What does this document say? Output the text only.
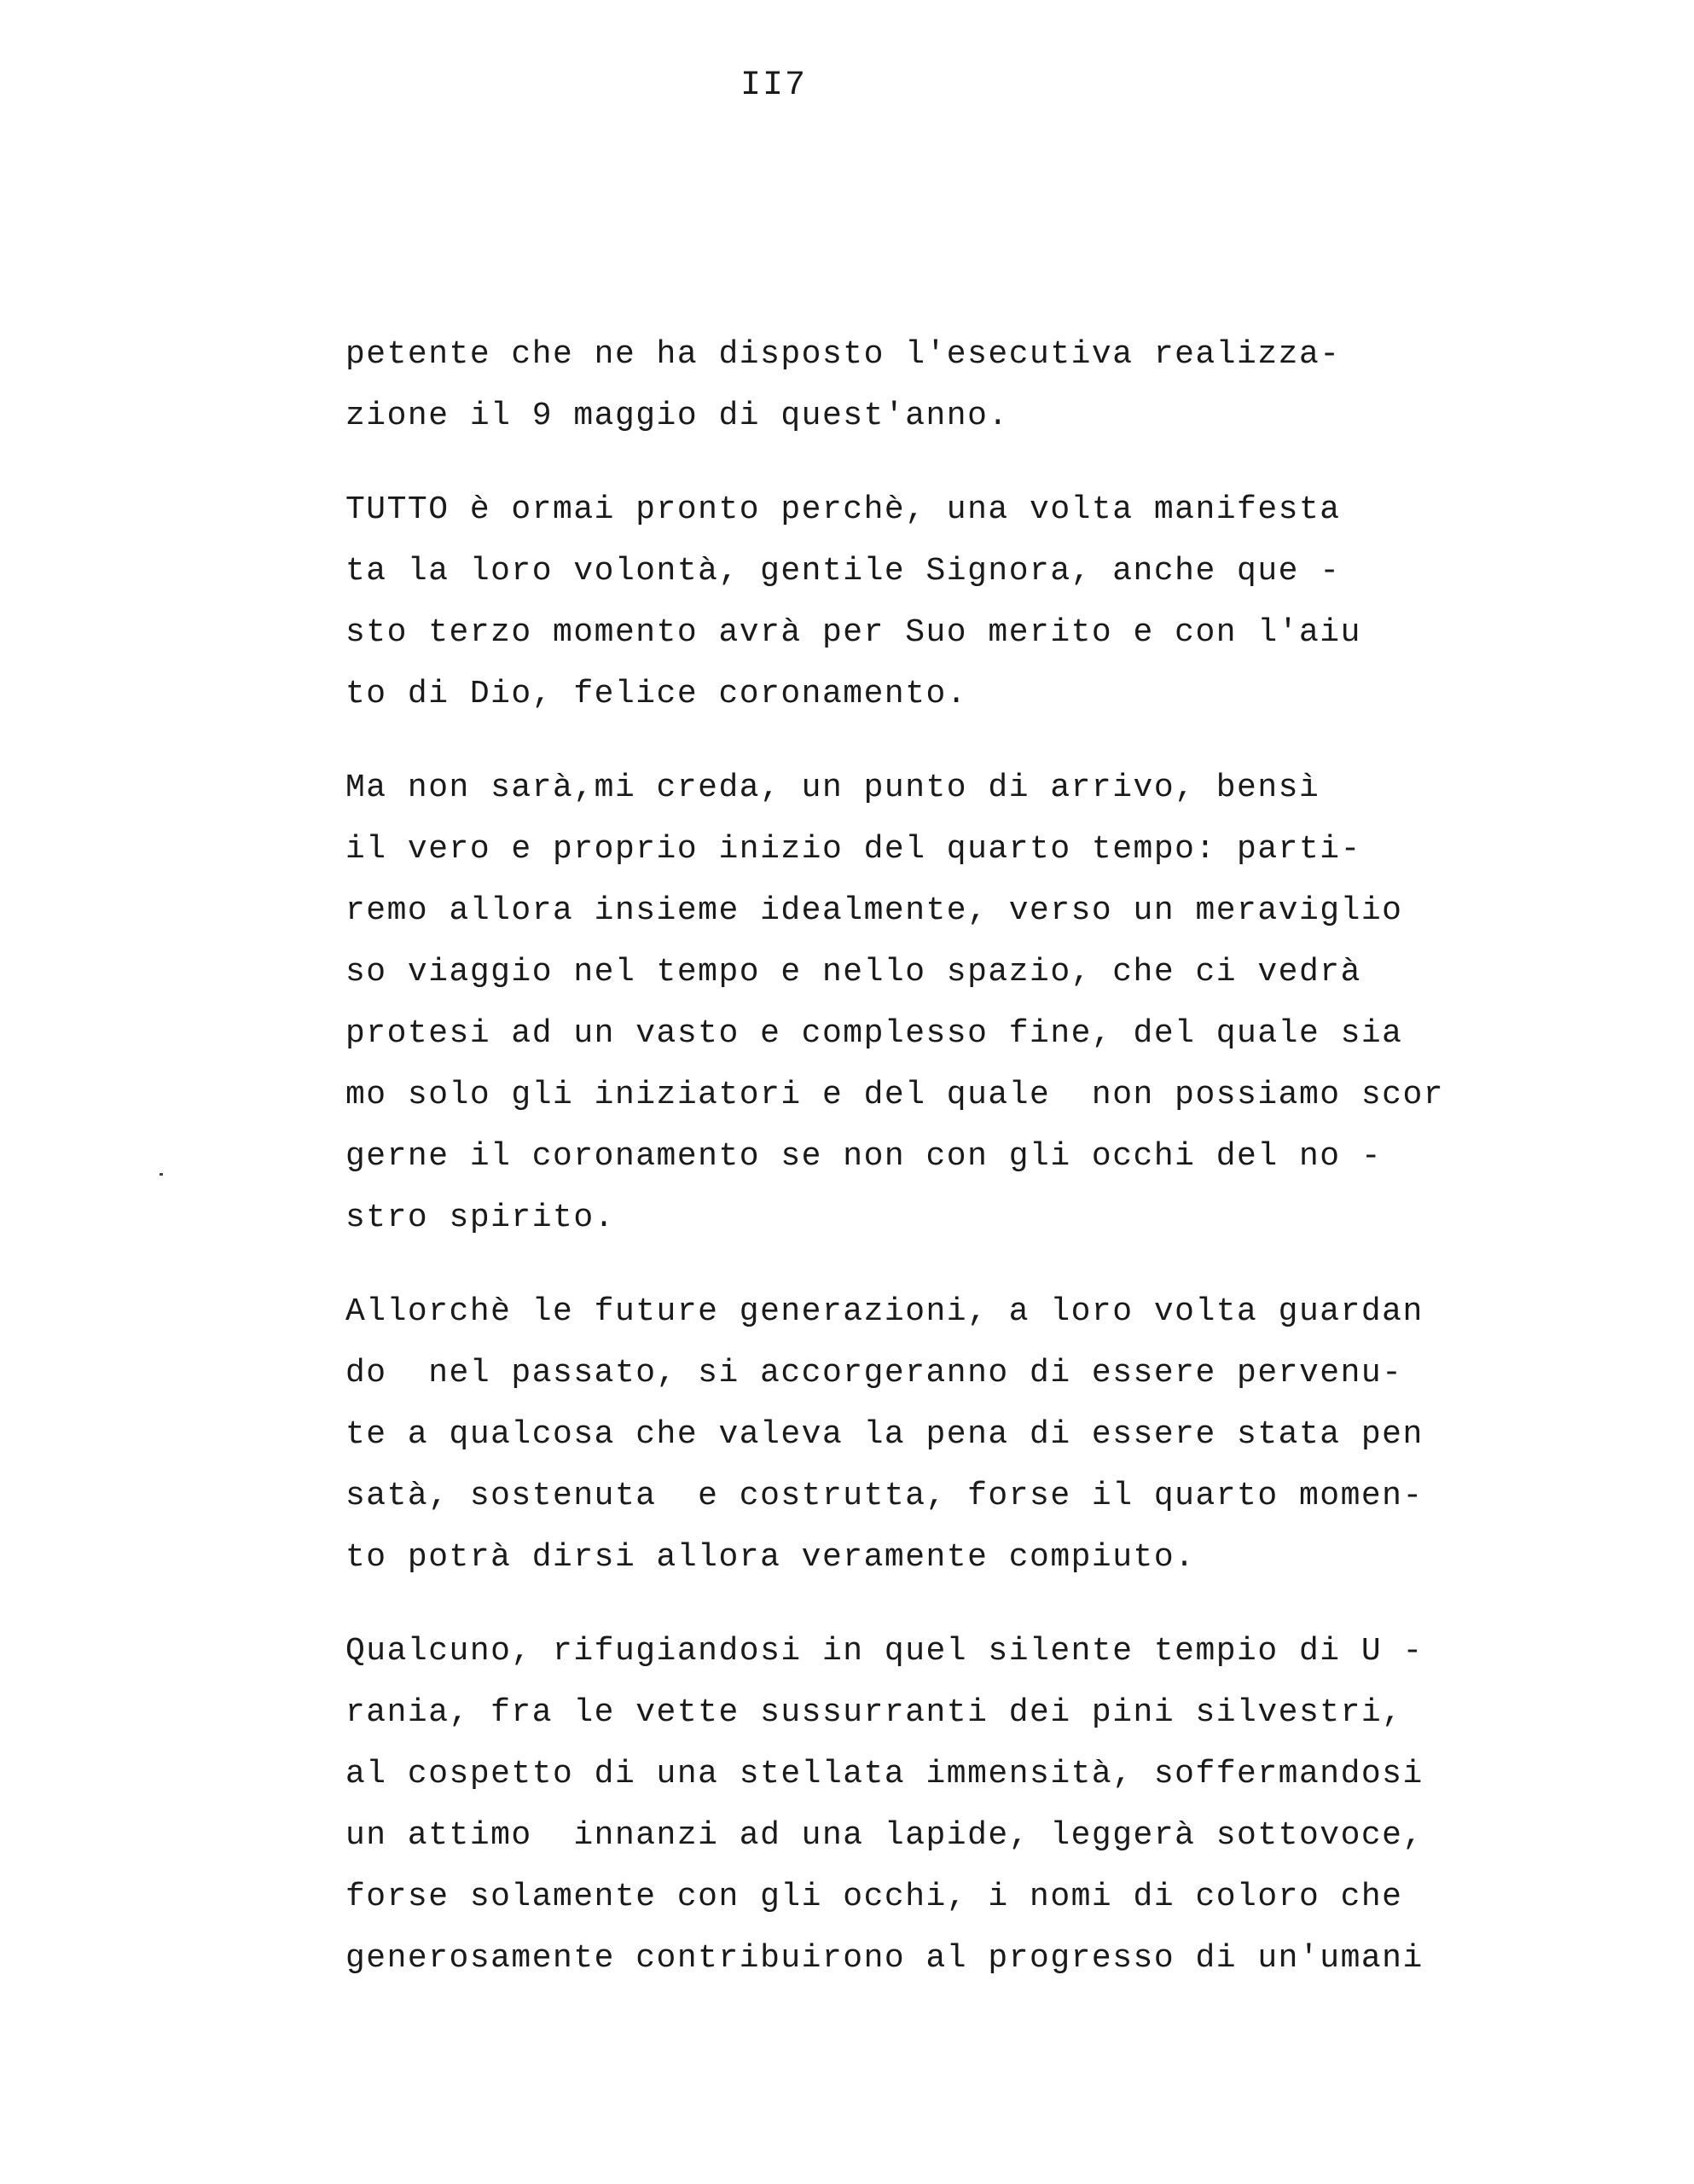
II7
petente che ne ha disposto l'esecutiva realizza-
zione il 9 maggio di quest'anno.
TUTTO è ormai pronto perchè, una volta manifesta
ta la loro volontà, gentile Signora, anche que -
sto terzo momento avrà per Suo merito e con l'aiu
to di Dio, felice coronamento.
Ma non sarà,mi creda, un punto di arrivo, bensì
il vero e proprio inizio del quarto tempo: parti-
remo allora insieme idealmente, verso un meraviglio
so viaggio nel tempo e nello spazio, che ci vedrà
protesi ad un vasto e complesso fine, del quale sia
mo solo gli iniziatori e del quale  non possiamo scor
gerne il coronamento se non con gli occhi del no -
stro spirito.
Allorchè le future generazioni, a loro volta guardan
do  nel passato, si accorgeranno di essere pervenu-
te a qualcosa che valeva la pena di essere stata pen
satà, sostenuta  e costrutta, forse il quarto momen-
to potrà dirsi allora veramente compiuto.
Qualcuno, rifugiandosi in quel silente tempio di U -
rania, fra le vette sussurranti dei pini silvestri,
al cospetto di una stellata immensità, soffermandosi
un attimo  innanzi ad una lapide, leggerà sottovoce,
forse solamente con gli occhi, i nomi di coloro che
generosamente contribuirono al progresso di un'umani
